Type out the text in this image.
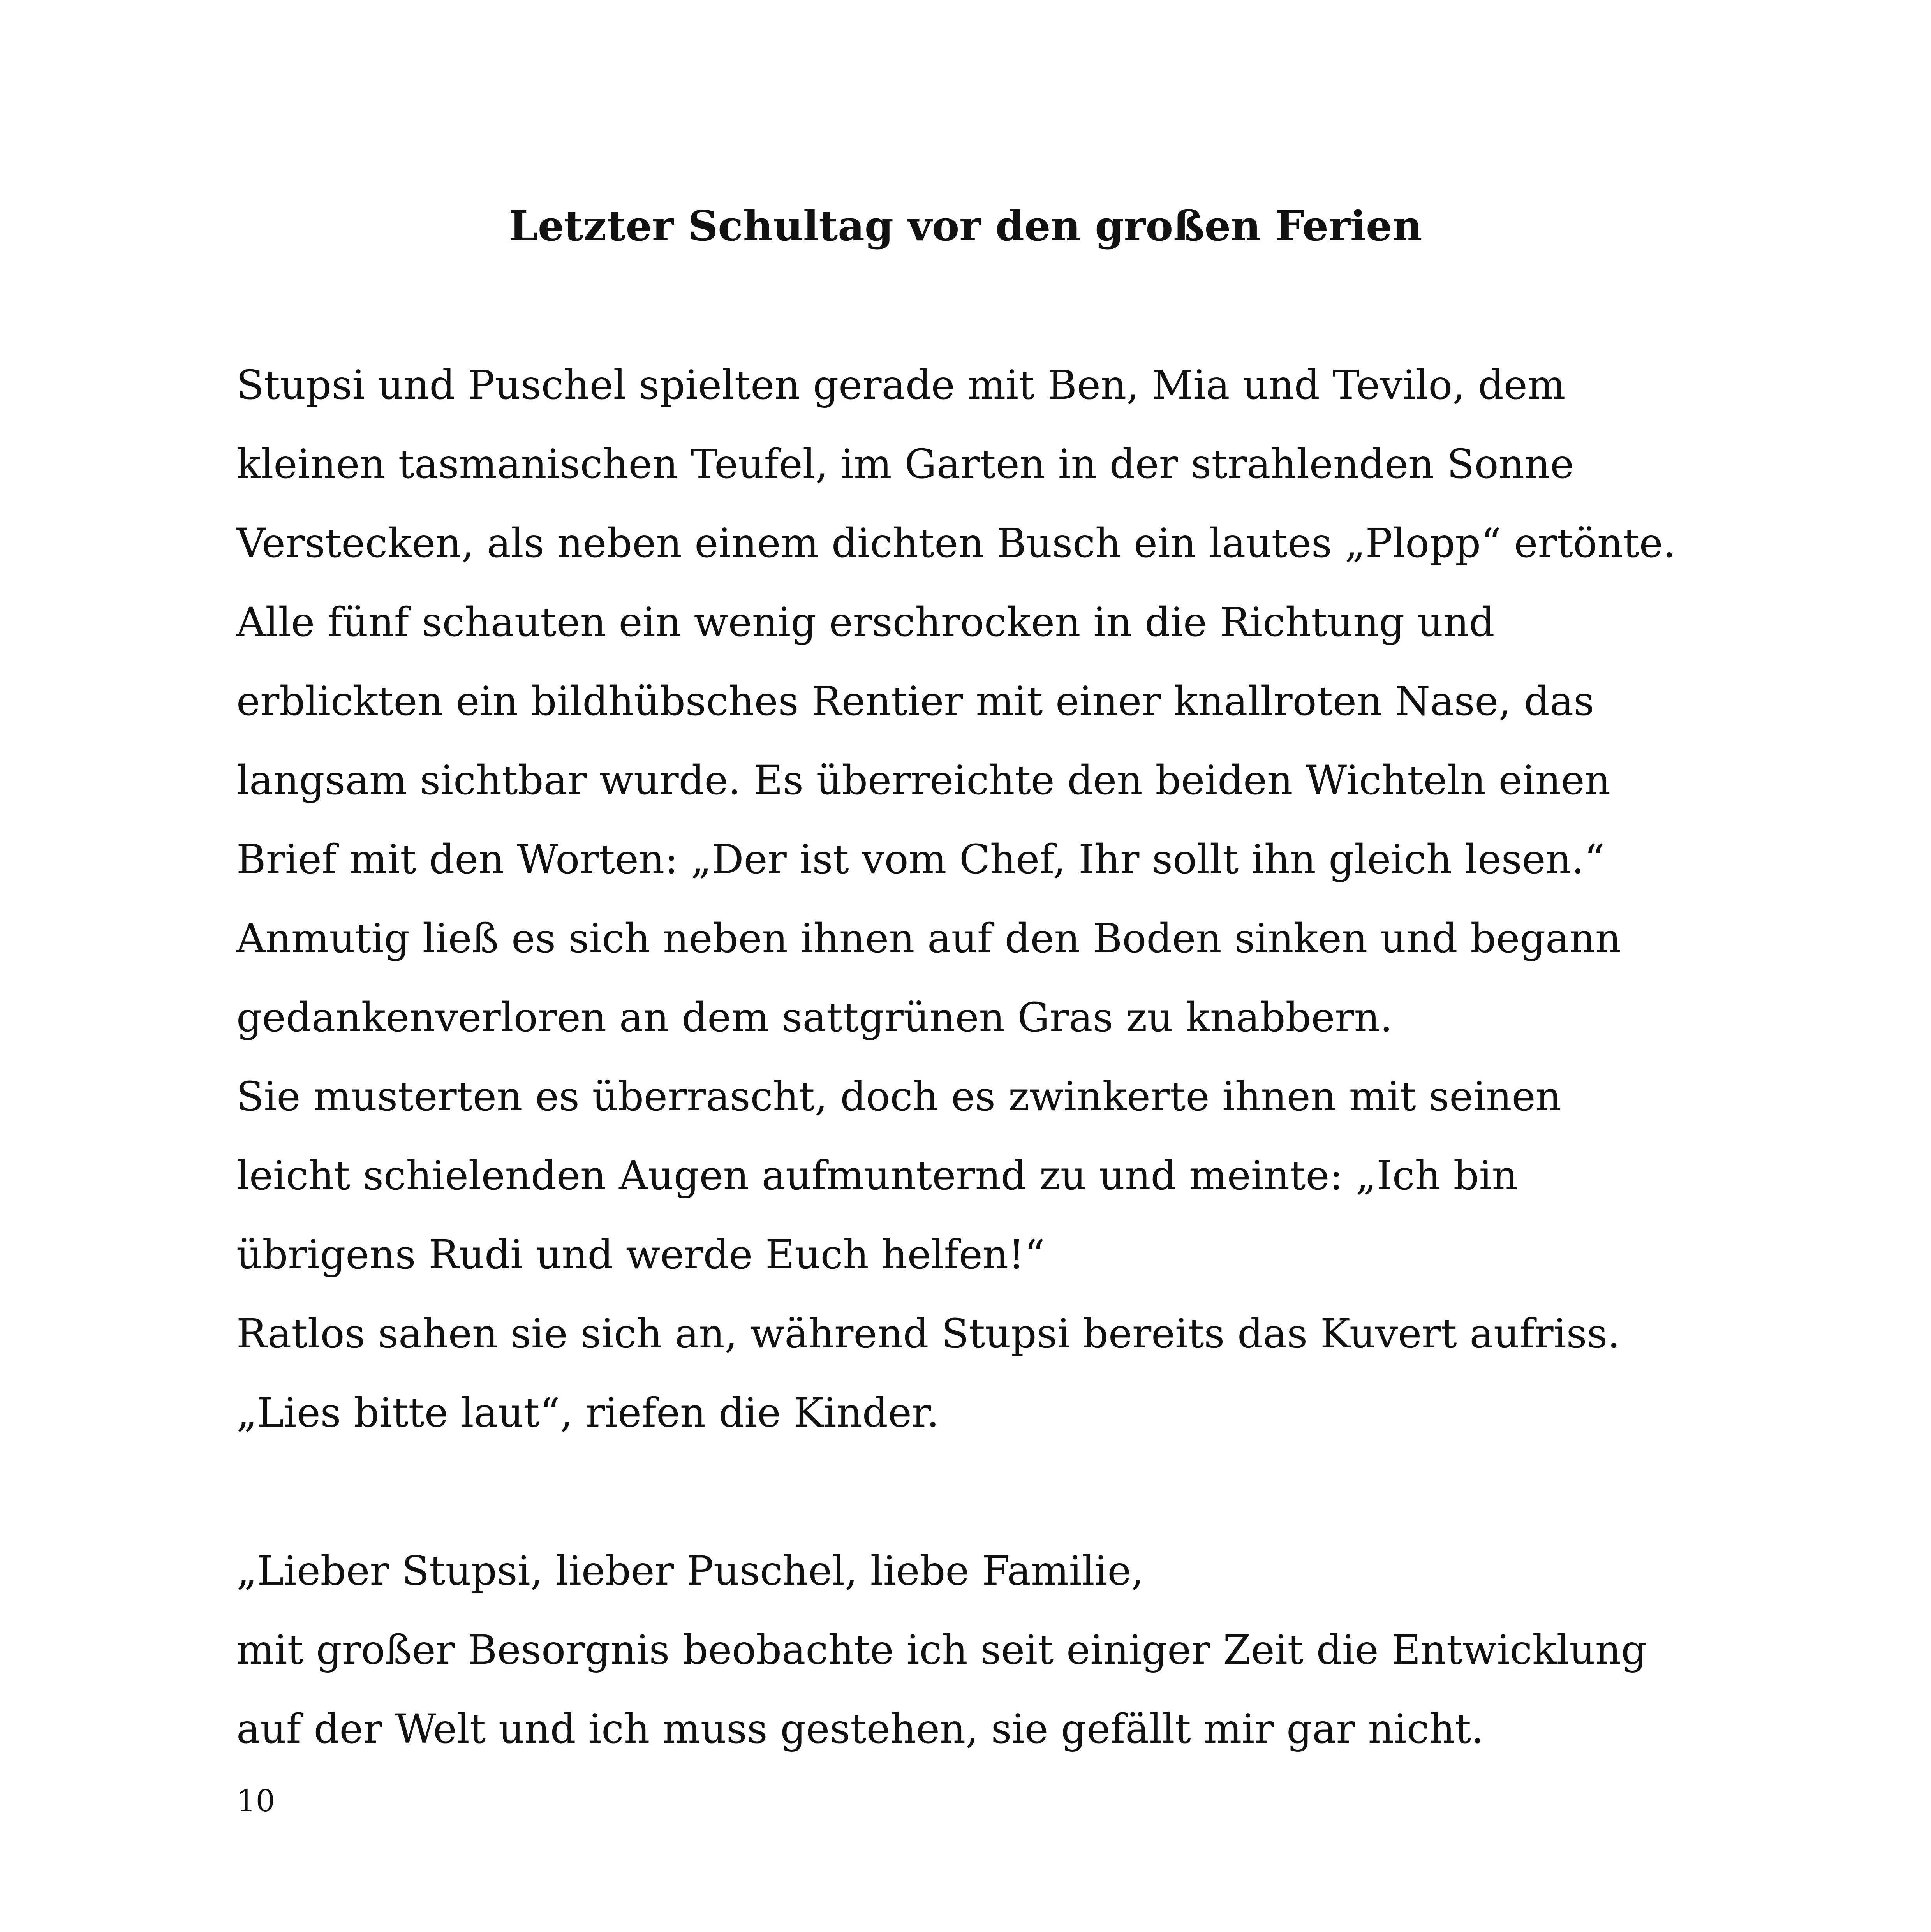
Letzter Schultag vor den großen Ferien
Stupsi und Puschel spielten gerade mit Ben, Mia und Tevilo, dem
kleinen tasmanischen Teufel, im Garten in der strahlenden Sonne
Verstecken, als neben einem dichten Busch ein lautes „Plopp“ ertönte.
Alle fünf schauten ein wenig erschrocken in die Richtung und
erblickten ein bildhübsches Rentier mit einer knallroten Nase, das
langsam sichtbar wurde. Es überreichte den beiden Wichteln einen
Brief mit den Worten: „Der ist vom Chef, Ihr sollt ihn gleich lesen.“
Anmutig ließ es sich neben ihnen auf den Boden sinken und begann
gedankenverloren an dem sattgrünen Gras zu knabbern.
Sie musterten es überrascht, doch es zwinkerte ihnen mit seinen
leicht schielenden Augen aufmunternd zu und meinte: „Ich bin
übrigens Rudi und werde Euch helfen!“
Ratlos sahen sie sich an, während Stupsi bereits das Kuvert aufriss.
„Lies bitte laut“, riefen die Kinder.
„Lieber Stupsi, lieber Puschel, liebe Familie,
mit großer Besorgnis beobachte ich seit einiger Zeit die Entwicklung
auf der Welt und ich muss gestehen, sie gefällt mir gar nicht.
10
